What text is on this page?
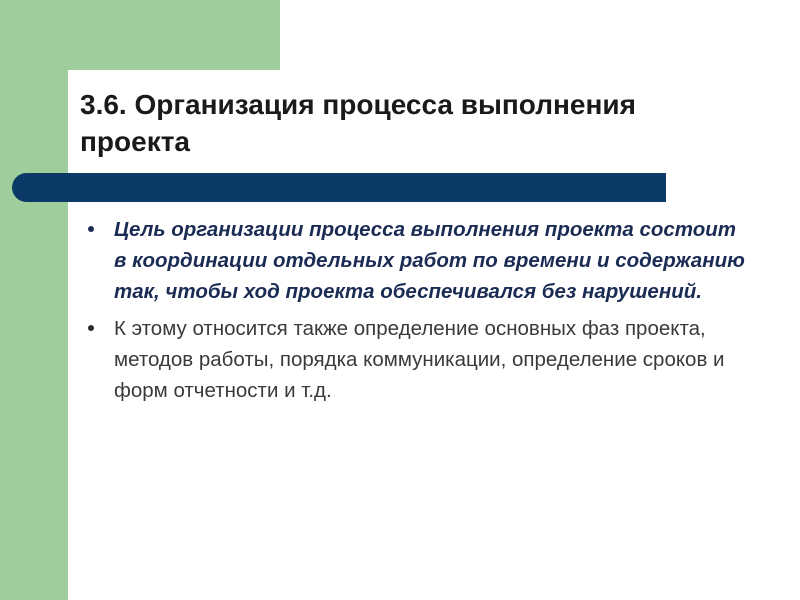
3.6. Организация процесса выполнения проекта
Цель организации процесса выполнения проекта состоит в координации отдельных работ по времени и содержанию так, чтобы ход проекта обеспечивался без нарушений.
К этому относится также определение основных фаз проекта, методов работы, порядка коммуникации, определение сроков и форм отчетности и т.д.
